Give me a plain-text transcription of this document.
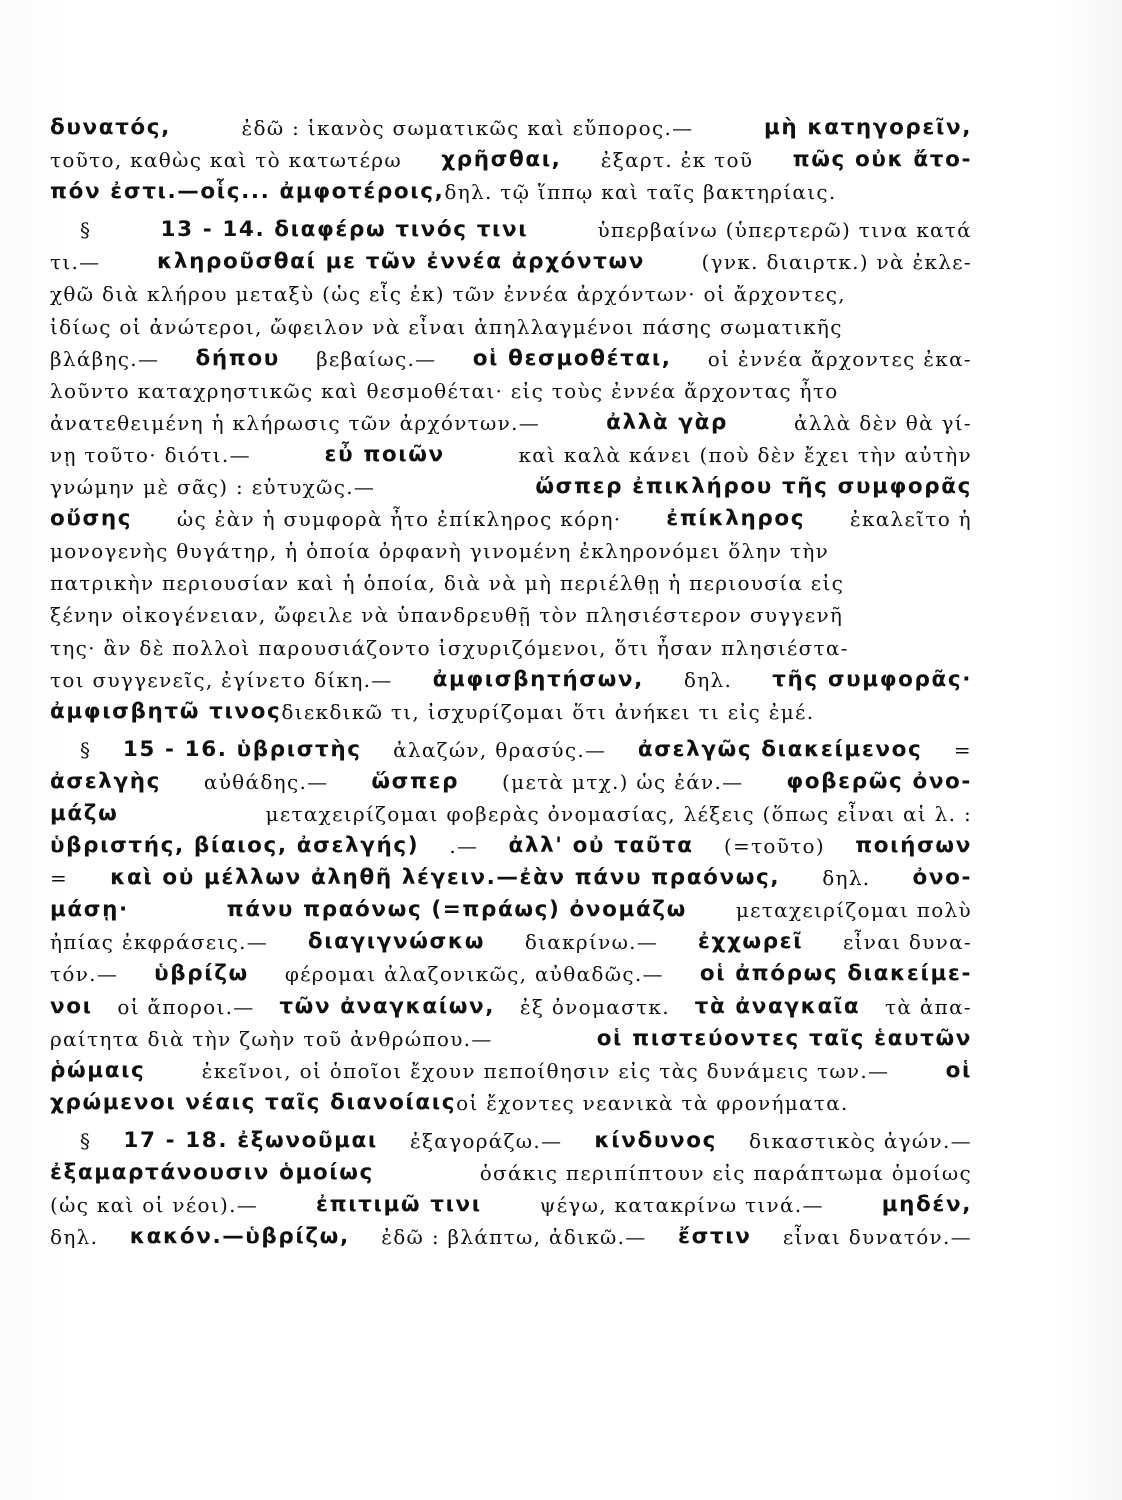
δυνατός,	ἐδῶ : ἱκανὸς σωματικῶς καὶ εὔπορος.—	μὴ κατηγορεῖν,
τοῦτο, καθὼς καὶ τὸ κατωτέρω χρῆσθαι, ἐξαρτ. ἐκ τοῦ πῶς οὐκ ἄτο-
πόν ἐστι.—οἷς... ἀμφοτέροις, δηλ. τῷ ἵππῳ καὶ ταῖς βακτηρίαις.
§	13 - 14. διαφέρω τινός τινι	ὑπερβαίνω (ὑπερτερῶ) τινα κατά
τι.—	κληροῦσθαί με τῶν ἐννέα ἀρχόντων	(γνκ. διαιρτκ.) νὰ ἐκλε-
χθῶ διὰ κλήρου μεταξὺ (ὡς εἷς ἐκ) τῶν ἐννέα ἀρχόντων· οἱ ἄρχοντες,
ἰδίως οἱ ἀνώτεροι, ὤφειλον νὰ εἶναι ἀπηλλαγμένοι πάσης σωματικῆς
βλάβης.— δήπου βεβαίως.— οἱ θεσμοθέται, οἱ ἐννέα ἄρχοντες ἐκα-
λοῦντο καταχρηστικῶς καὶ θεσμοθέται· εἰς τοὺς ἐννέα ἄρχοντας ἦτο
ἀνατεθειμένη ἡ κλήρωσις τῶν ἀρχόντων.—	ἀλλὰ γὰρ	ἀλλὰ δὲν θὰ γί-
νῃ τοῦτο· διότι.—	εὖ ποιῶν	καὶ καλὰ κάνει (ποὺ δὲν ἔχει τὴν αὐτὴν
γνώμην μὲ σᾶς) : εὐτυχῶς.—	ὥσπερ ἐπικλήρου τῆς συμφορᾶς
οὔσης ὡς ἐὰν ἡ συμφορὰ ἦτο ἐπίκληρος κόρη· ἐπίκληρος ἐκαλεῖτο ἡ
μονογενὴς θυγάτηρ, ἡ ὁποία ὀρφανὴ γινομένη ἐκληρονόμει ὅλην τὴν
πατρικὴν περιουσίαν καὶ ἡ ὁποία, διὰ νὰ μὴ περιέλθῃ ἡ περιουσία εἰς
ξένην οἰκογένειαν, ὤφειλε νὰ ὑπανδρευθῇ τὸν πλησιέστερον συγγενῆ
της· ἂν δὲ πολλοὶ παρουσιάζοντο ἰσχυριζόμενοι, ὅτι ἦσαν πλησιέστα-
τοι συγγενεῖς, ἐγίνετο δίκη.— ἀμφισβητήσων, δηλ. τῆς συμφορᾶς·
ἀμφισβητῶ τινος διεκδικῶ τι, ἰσχυρίζομαι ὅτι ἀνήκει τι εἰς ἐμέ.
§ 15 - 16. ὑβριστὴς ἀλαζών, θρασύς.— ἀσελγῶς διακείμενος =
ἀσελγὴς αὐθάδης.— ὥσπερ (μετὰ μτχ.) ὡς ἐάν.— φοβερῶς ὀνο-
μάζω	μεταχειρίζομαι φοβερὰς ὀνομασίας, λέξεις (ὅπως εἶναι αἱ λ. :
ὑβριστής, βίαιος, ἀσελγής) .— ἀλλ' οὐ ταῦτα (=τοῦτο) ποιήσων
= καὶ οὐ μέλλων ἀληθῆ λέγειν.—ἐὰν πάνυ πραόνως, δηλ. ὀνο-
μάσῃ·	πάνυ πραόνως (=πράως) ὀνομάζω μεταχειρίζομαι πολὺ
ἠπίας ἐκφράσεις.— διαγιγνώσκω διακρίνω.— ἐχχωρεῖ εἶναι δυνα-
τόν.— ὑβρίζω φέρομαι ἀλαζονικῶς, αὐθαδῶς.— οἱ ἀπόρως διακείμε-
νοι οἱ ἄποροι.— τῶν ἀναγκαίων, ἐξ ὀνομαστκ. τὰ ἀναγκαῖα τὰ ἀπα-
ραίτητα διὰ τὴν ζωὴν τοῦ ἀνθρώπου.—	οἱ πιστεύοντες ταῖς ἑαυτῶν
ῥώμαις	ἐκεῖνοι, οἱ ὁποῖοι ἔχουν πεποίθησιν εἰς τὰς δυνάμεις των.—	οἱ
χρώμενοι νέαις ταῖς διανοίαις οἱ ἔχοντες νεανικὰ τὰ φρονήματα.
§ 17 - 18. ἐξωνοῦμαι ἐξαγοράζω.— κίνδυνος δικαστικὸς ἀγών.—
ἐξαμαρτάνουσιν ὁμοίως	ὁσάκις περιπίπτουν εἰς παράπτωμα ὁμοίως
(ὡς καὶ οἱ νέοι).—	ἐπιτιμῶ τινι	ψέγω, κατακρίνω τινά.—	μηδέν,
δηλ. κακόν.—ὑβρίζω, ἐδῶ : βλάπτω, ἀδικῶ.— ἔστιν εἶναι δυνατόν.—
